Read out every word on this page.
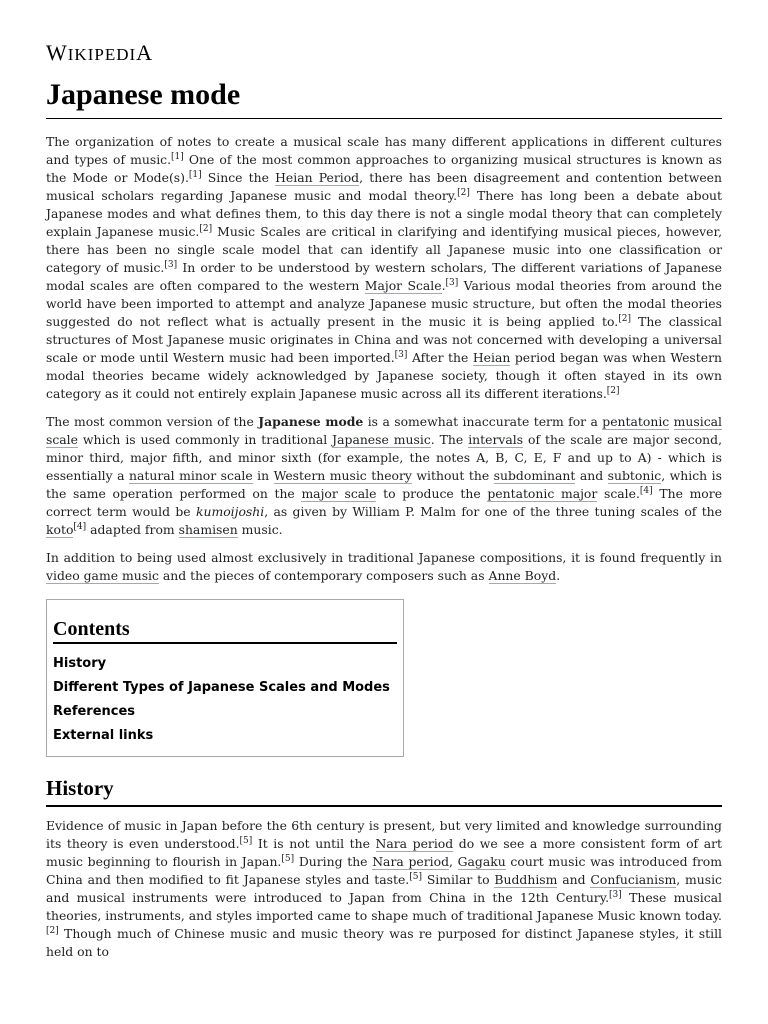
WIKIPEDIA
Japanese mode

The organization of notes to create a musical scale has many different applications in different cultures and types of music.[1] One of the most common approaches to organizing musical structures is known as the Mode or Mode(s).[1] Since the Heian Period, there has been disagreement and contention between musical scholars regarding Japanese music and modal theory.[2] There has long been a debate about Japanese modes and what defines them, to this day there is not a single modal theory that can completely explain Japanese music.[2] Music Scales are critical in clarifying and identifying musical pieces, however, there has been no single scale model that can identify all Japanese music into one classification or category of music.[3] In order to be understood by western scholars, The different variations of Japanese modal scales are often compared to the western Major Scale.[3] Various modal theories from around the world have been imported to attempt and analyze Japanese music structure, but often the modal theories suggested do not reflect what is actually present in the music it is being applied to.[2] The classical structures of Most Japanese music originates in China and was not concerned with developing a universal scale or mode until Western music had been imported.[3] After the Heian period began was when Western modal theories became widely acknowledged by Japanese society, though it often stayed in its own category as it could not entirely explain Japanese music across all its different iterations.[2]

The most common version of the Japanese mode is a somewhat inaccurate term for a pentatonic musical scale which is used commonly in traditional Japanese music. The intervals of the scale are major second, minor third, major fifth, and minor sixth (for example, the notes A, B, C, E, F and up to A) - which is essentially a natural minor scale in Western music theory without the subdominant and subtonic, which is the same operation performed on the major scale to produce the pentatonic major scale.[4] The more correct term would be kumoijoshi, as given by William P. Malm for one of the three tuning scales of the koto[4] adapted from shamisen music.

In addition to being used almost exclusively in traditional Japanese compositions, it is found frequently in video game music and the pieces of contemporary composers such as Anne Boyd.

Contents
History
Different Types of Japanese Scales and Modes
References
External links
History

Evidence of music in Japan before the 6th century is present, but very limited and knowledge surrounding its theory is even understood.[5] It is not until the Nara period do we see a more consistent form of art music beginning to flourish in Japan.[5] During the Nara period, Gagaku court music was introduced from China and then modified to fit Japanese styles and taste.[5] Similar to Buddhism and Confucianism, music and musical instruments were introduced to Japan from China in the 12th Century.[3] These musical theories, instruments, and styles imported came to shape much of traditional Japanese Music known today.[2] Though much of Chinese music and music theory was re purposed for distinct Japanese styles, it still held on to
